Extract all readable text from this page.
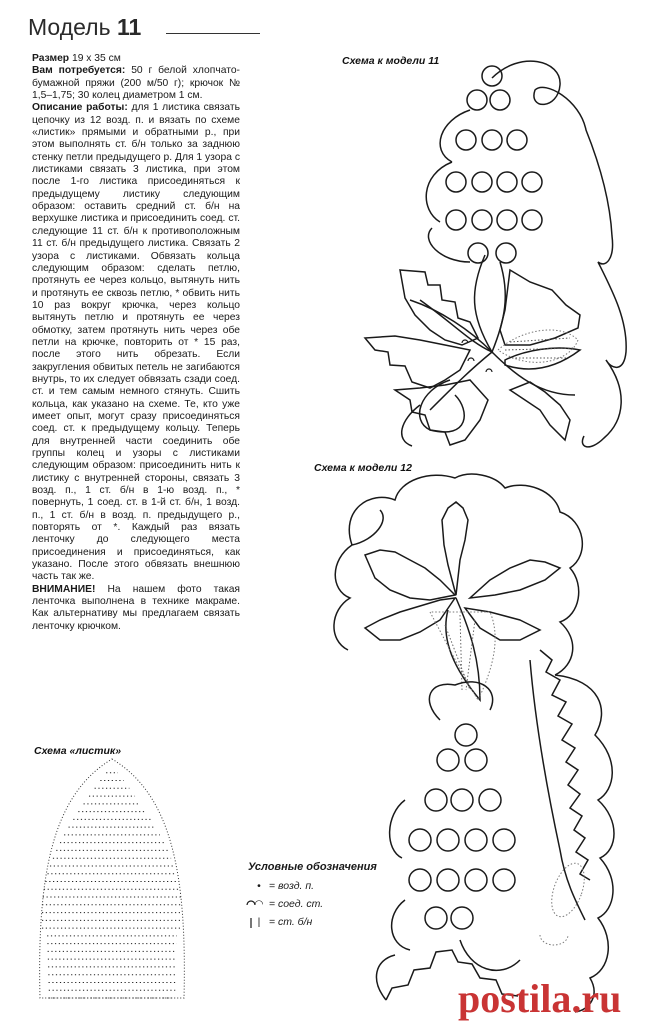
Модель 11

Размер 19 x 35 см

Вам потребуется: 50 г белой хлопчато-бумажной пряжи (200 м/50 г); крючок № 1,5–1,75; 30 колец диаметром 1 см.

Описание работы: для 1 листика связать цепочку из 12 возд. п. и вязать по схеме «листик» прямыми и обратными р., при этом выполнять ст. б/н только за заднюю стенку петли предыдущего р. Для 1 узора с листиками связать 3 листика, при этом после 1-го листика присоединяться к предыдущему листику следующим образом: оставить средний ст. б/н на верхушке листика и присоединить соед. ст. следующие 11 ст. б/н к противоположным 11 ст. б/н предыдущего листика. Связать 2 узора с листиками. Обвязать кольца следующим образом: сделать петлю, протянуть ее через кольцо, вытянуть нить и протянуть ее сквозь петлю, * обвить нить 10 раз вокруг крючка, через кольцо вытянуть петлю и протянуть ее через обмотку, затем протянуть нить через обе петли на крючке, повторить от * 15 раз, после этого нить обрезать. Если закругления обвитых петель не загибаются внутрь, то их следует обвязать сзади соед. ст. и тем самым немного стянуть. Сшить кольца, как указано на схеме. Те, кто уже имеет опыт, могут сразу присоединяться соед. ст. к предыдущему кольцу. Теперь для внутренней части соединить обе группы колец и узоры с листиками следующим образом: присоединить нить к листику с внутренней стороны, связать 3 возд. п., 1 ст. б/н в 1-ю возд. п., * повернуть, 1 соед. ст. в 1-й ст. б/н, 1 возд. п., 1 ст. б/н в возд. п. предыдущего р., повторять от *. Каждый раз вязать ленточку до следующего места присоединения и присоединяться, как указано. После этого обвязать внешнюю часть так же.

ВНИМАНИЕ! На нашем фото такая ленточка выполнена в технике макраме. Как альтернативу мы предлагаем связать ленточку крючком.

Схема к модели 11
Схема к модели 12
Схема «листик»
Условные обозначения
• = возд. п.
◠ = соед. ст.
| = ст. б/н
postila.ru
